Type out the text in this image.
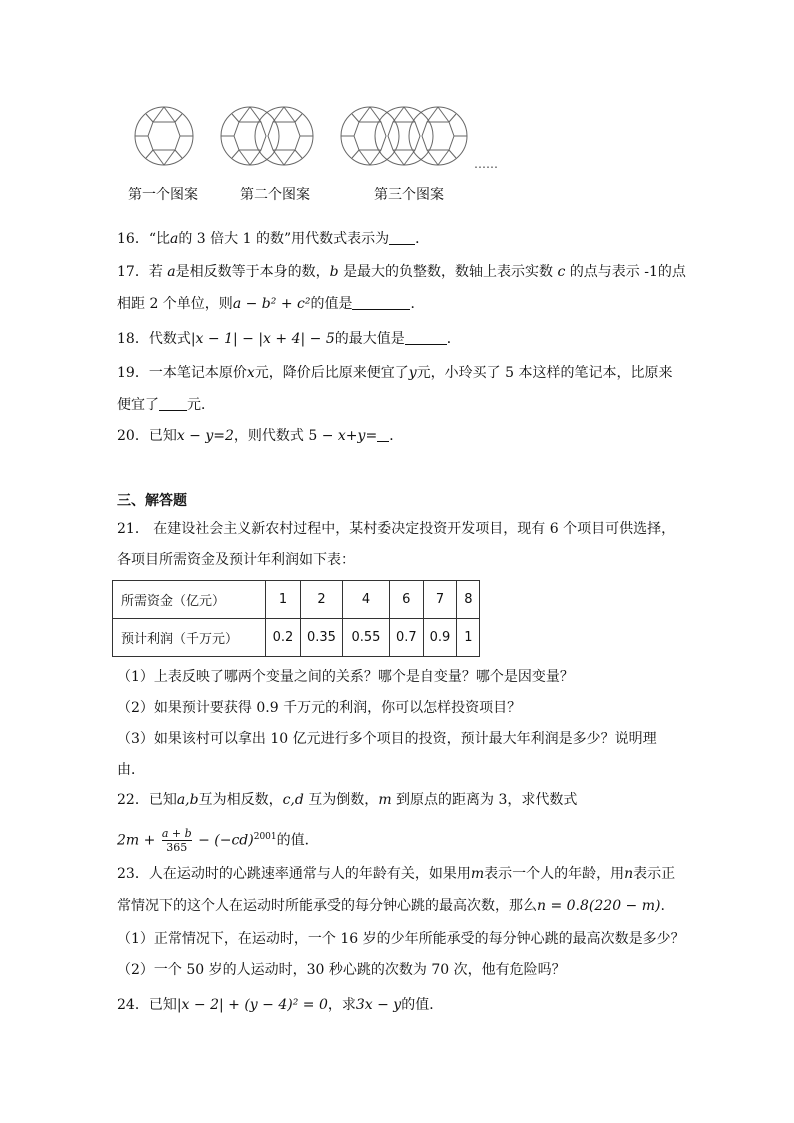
……
第一个图案	第二个图案	第三个图案
16．“比a的 3 倍大 1 的数”用代数式表示为 ．
17．若 a是相反数等于本身的数，b 是最大的负整数，数轴上表示实数 c 的点与表示 -1的点
相距 2 个单位，则a − b² + c²的值是	．
18．代数式|x − 1| − |x + 4| − 5的最大值是	．
19．一本笔记本原价x元，降价后比原来便宜了y元，小玲买了 5 本这样的笔记本，比原来
便宜了 元．
20．已知x − y=2，则代数式 5 − x+y= ．
三、解答题
21． 在建设社会主义新农村过程中，某村委决定投资开发项目，现有 6 个项目可供选择，
各项目所需资金及预计年利润如下表：
所需资金（亿元）	1	2	4	6	7	8
预计利润（千万元）	0.2	0.35	0.55	0.7	0.9	1
（1）上表反映了哪两个变量之间的关系？哪个是自变量？哪个是因变量？
（2）如果预计要获得 0.9 千万元的利润，你可以怎样投资项目？
（3）如果该村可以拿出 10 亿元进行多个项目的投资，预计最大年利润是多少？说明理
由．
22．已知a,b互为相反数，c,d 互为倒数，m 到原点的距离为 3，求代数式
$2m + \frac{a + b}{365} - (-cd)^{2001}$的值．
23．人在运动时的心跳速率通常与人的年龄有关，如果用m表示一个人的年龄，用n表示正
常情况下的这个人在运动时所能承受的每分钟心跳的最高次数，那么n = 0.8(220 − m).
（1）正常情况下，在运动时，一个 16 岁的少年所能承受的每分钟心跳的最高次数是多少？
（2）一个 50 岁的人运动时，30 秒心跳的次数为 70 次，他有危险吗？
24．已知|x − 2| + (y − 4)² = 0，求3x − y的值．
